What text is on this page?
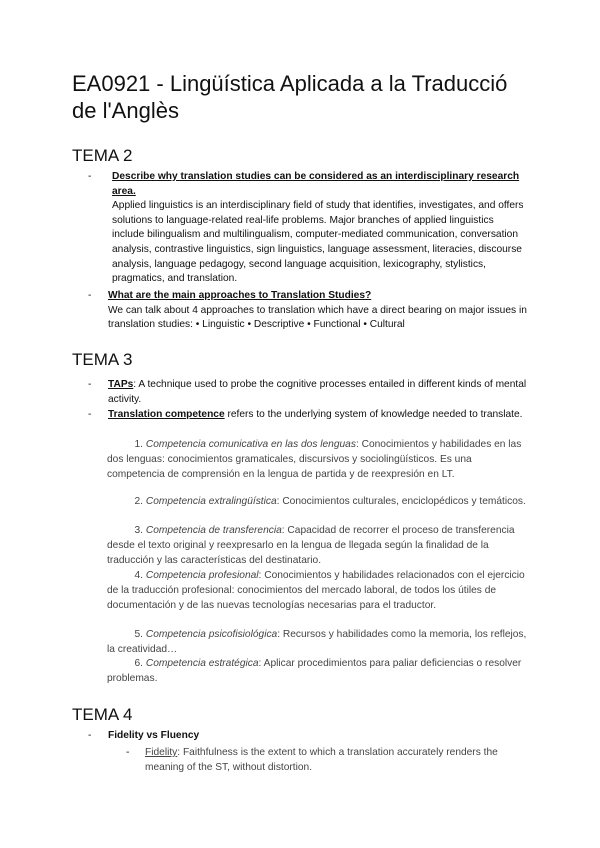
EA0921 - Lingüística Aplicada a la Traducció de l'Anglès
TEMA 2
- Describe why translation studies can be considered as an interdisciplinary research area.
Applied linguistics is an interdisciplinary field of study that identifies, investigates, and offers solutions to language-related real-life problems. Major branches of applied linguistics include bilingualism and multilingualism, computer-mediated communication, conversation analysis, contrastive linguistics, sign linguistics, language assessment, literacies, discourse analysis, language pedagogy, second language acquisition, lexicography, stylistics, pragmatics, and translation.
- What are the main approaches to Translation Studies?
We can talk about 4 approaches to translation which have a direct bearing on major issues in translation studies: • Linguistic • Descriptive • Functional • Cultural
TEMA 3
- TAPs: A technique used to probe the cognitive processes entailed in different kinds of mental activity.
- Translation competence refers to the underlying system of knowledge needed to translate.
1. Competencia comunicativa en las dos lenguas: Conocimientos y habilidades en las dos lenguas: conocimientos gramaticales, discursivos y sociolingüísticos. Es una competencia de comprensión en la lengua de partida y de reexpresión en LT.
2. Competencia extralingüística: Conocimientos culturales, enciclopédicos y temáticos.
3. Competencia de transferencia: Capacidad de recorrer el proceso de transferencia desde el texto original y reexpresarlo en la lengua de llegada según la finalidad de la traducción y las características del destinatario.
4. Competencia profesional: Conocimientos y habilidades relacionados con el ejercicio de la traducción profesional: conocimientos del mercado laboral, de todos los útiles de documentación y de las nuevas tecnologías necesarias para el traductor.
5. Competencia psicofisiológica: Recursos y habilidades como la memoria, los reflejos, la creatividad…
6. Competencia estratégica: Aplicar procedimientos para paliar deficiencias o resolver problemas.
TEMA 4
- Fidelity vs Fluency
- Fidelity: Faithfulness is the extent to which a translation accurately renders the meaning of the ST, without distortion.
